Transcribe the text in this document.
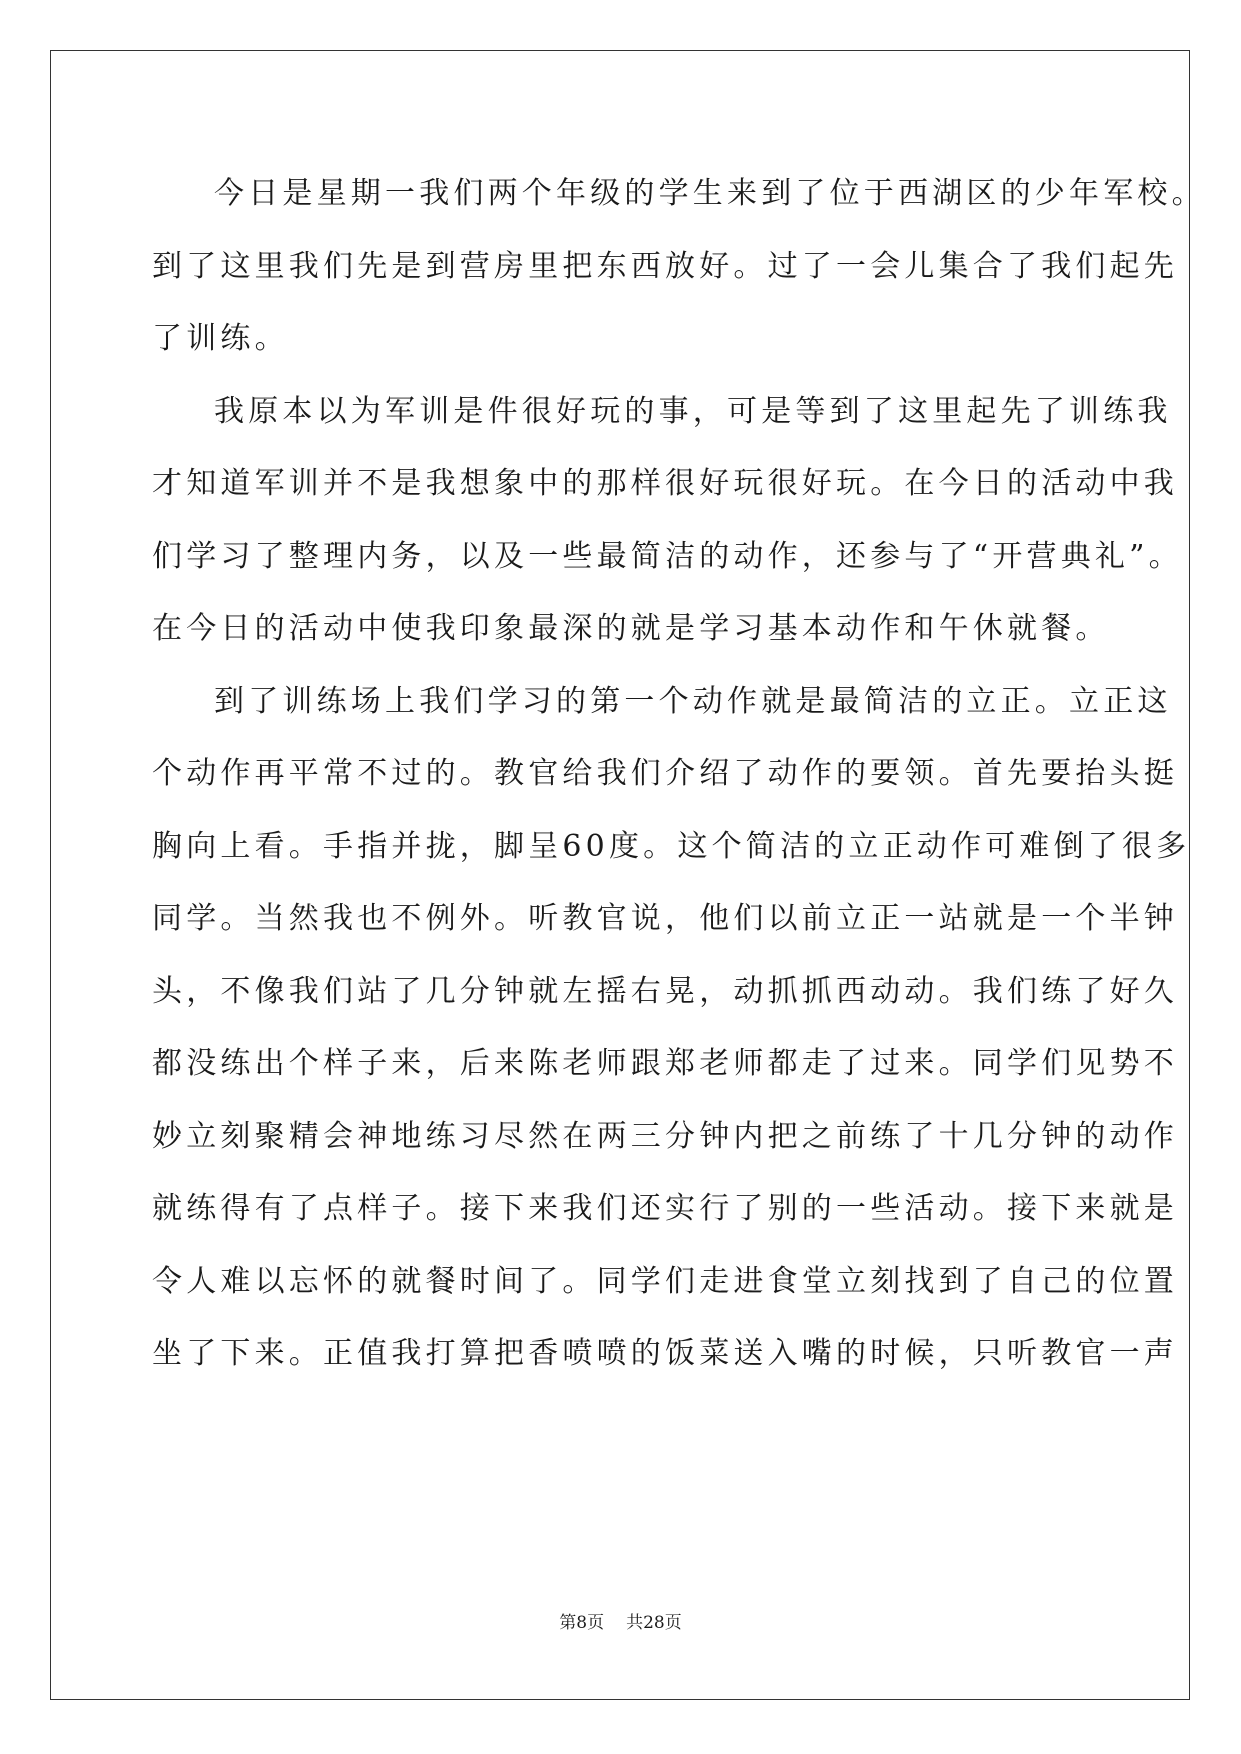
今日是星期一我们两个年级的学生来到了位于西湖区的少年军校。
到了这里我们先是到营房里把东西放好。过了一会儿集合了我们起先
了训练。
我原本以为军训是件很好玩的事，可是等到了这里起先了训练我
才知道军训并不是我想象中的那样很好玩很好玩。在今日的活动中我
们学习了整理内务，以及一些最简洁的动作，还参与了“开营典礼”。
在今日的活动中使我印象最深的就是学习基本动作和午休就餐。
到了训练场上我们学习的第一个动作就是最简洁的立正。立正这
个动作再平常不过的。教官给我们介绍了动作的要领。首先要抬头挺
胸向上看。手指并拢，脚呈60度。这个简洁的立正动作可难倒了很多
同学。当然我也不例外。听教官说，他们以前立正一站就是一个半钟
头，不像我们站了几分钟就左摇右晃，动抓抓西动动。我们练了好久
都没练出个样子来，后来陈老师跟郑老师都走了过来。同学们见势不
妙立刻聚精会神地练习尽然在两三分钟内把之前练了十几分钟的动作
就练得有了点样子。接下来我们还实行了别的一些活动。接下来就是
令人难以忘怀的就餐时间了。同学们走进食堂立刻找到了自己的位置
坐了下来。正值我打算把香喷喷的饭菜送入嘴的时候，只听教官一声
第8页 共28页
